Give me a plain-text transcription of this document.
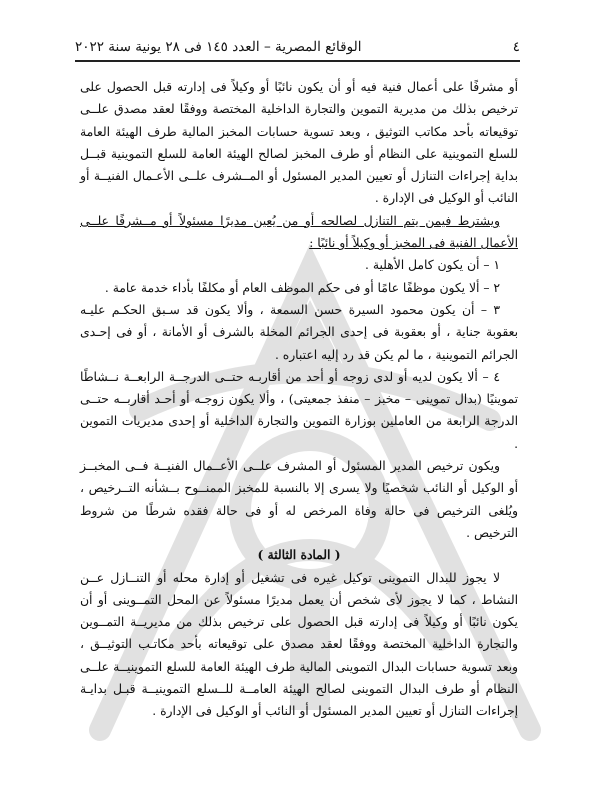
٤
الوقائع المصرية – العدد ١٤٥ فى ٢٨ يونية سنة ٢٠٢٢

أو مشرفًا على أعمال فنية فيه أو أن يكون نائبًا أو وكيلاً فى إدارته قبل الحصول على ترخيص بذلك من مديرية التموين والتجارة الداخلية المختصة ووفقًا لعقد مصدق علــى توقيعاته بأحد مكاتب التوثيق ، وبعد تسوية حسابات المخبز المالية طرف الهيئة العامة للسلع التموينية على النظام أو طرف المخبز لصالح الهيئة العامة للسلع التموينية قبــل بداية إجراءات التنازل أو تعيين المدير المسئول أو المــشرف علــى الأعـمال الفنيــة أو النائب أو الوكيل فى الإدارة .

ويشترط فيمن يتم التنازل لصالحه أو من يُعين مديرًا مسئولاً أو مــشرفًا علــى الأعمال الفنية فى المخبز أو وكيلاً أو نائبًا :

١ – أن يكون كامل الأهلية .

٢ – ألا يكون موظفًا عامًا أو فى حكم الموظف العام أو مكلفًا بأداء خدمة عامة .

٣ – أن يكون محمود السيرة حسن السمعة ، وألا يكون قد سـبق الحكـم عليـه بعقوبة جناية ، أو بعقوبة فى إحدى الجرائم المخلة بالشرف أو الأمانة ، أو فى إحـدى الجرائم التموينية ، ما لم يكن قد رد إليه اعتباره .

٤ – ألا يكون لديه أو لدى زوجه أو أحد من أقاربـه حتــى الدرجــة الرابعــة نــشاطًا تموينيًا (بدال تموينى – مخبز – منفذ جمعيتى) ، وألا يكون زوجـه أو أحـد أقاربــه حتــى الدرجة الرابعة من العاملين بوزارة التموين والتجارة الداخلية أو إحدى مديريات التموين .

ويكون ترخيص المدير المسئول أو المشرف علــى الأعــمال الفنيــة فــى المخبــز أو الوكيل أو النائب شخصيًا ولا يسرى إلا بالنسبة للمخبز الممنــوح بــشأنه التــرخيص ، ويُلغى الترخيص فى حالة وفاة المرخص له أو فى حالة فقده شرطًا من شروط الترخيص .

( المادة الثالثة )

لا يجوز للبدال التموينى توكيل غيره فى تشغيل أو إدارة محله أو التنــازل عــن النشاط ، كما لا يجوز لأى شخص أن يعمل مديرًا مسئولاً عن المحل التمــوينى أو أن يكون نائبًا أو وكيلاً فى إدارته قبل الحصول على ترخيص بذلك من مديريــة التمــوين والتجارة الداخلية المختصة ووفقًا لعقد مصدق على توقيعاته بأحد مكاتـب التوثيــق ، وبعد تسوية حسابات البدال التموينى المالية طرف الهيئة العامة للسلع التموينيــة علــى النظام أو طرف البدال التموينى لصالح الهيئة العامــة للــسلع التموينيــة قبـل بدايـة إجراءات التنازل أو تعيين المدير المسئول أو النائب أو الوكيل فى الإدارة .
